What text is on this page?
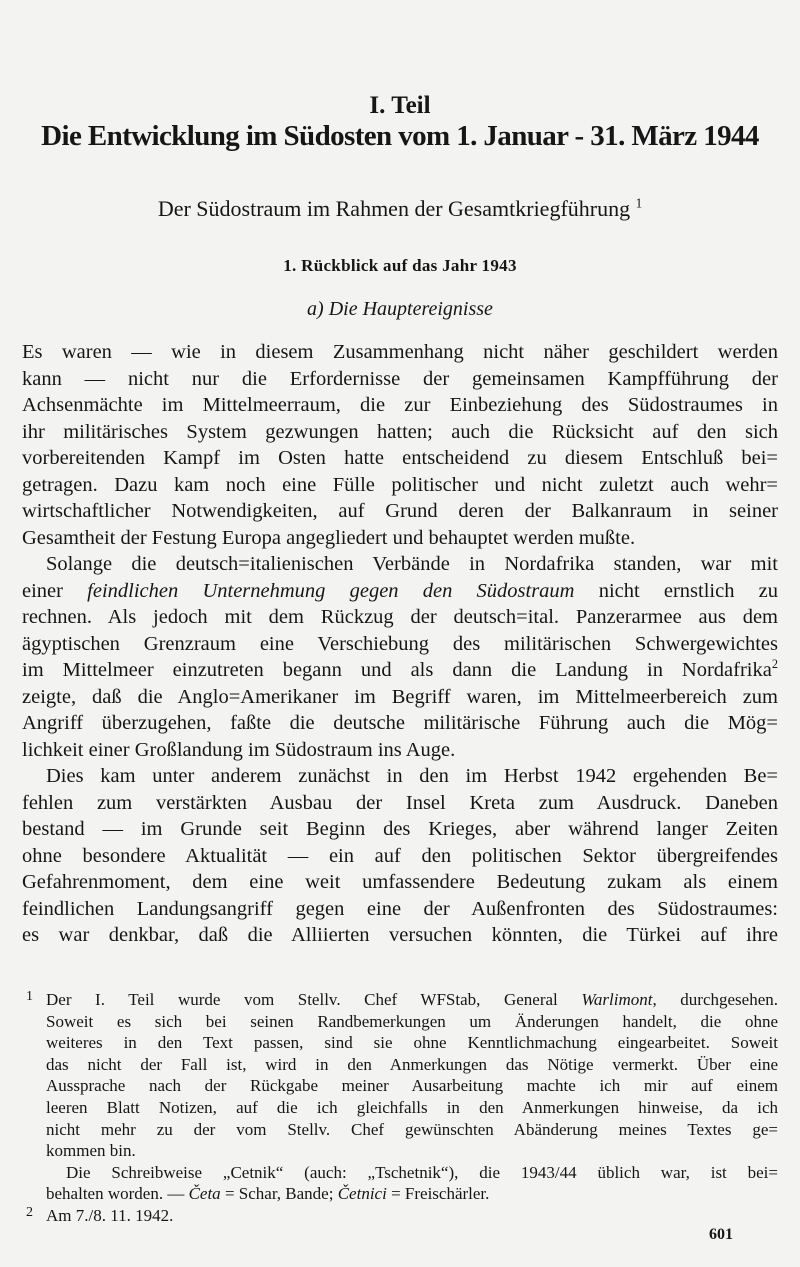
I. Teil
Die Entwicklung im Südosten vom 1. Januar - 31. März 1944
Der Südostraum im Rahmen der Gesamtkriegführung $^1$
1. Rückblick auf das Jahr 1943
a) Die Hauptereignisse
Es waren — wie in diesem Zusammenhang nicht näher geschildert werden
kann — nicht nur die Erfordernisse der gemeinsamen Kampfführung der
Achsenmächte im Mittelmeerraum, die zur Einbeziehung des Südostraumes in
ihr militärisches System gezwungen hatten; auch die Rücksicht auf den sich
vorbereitenden Kampf im Osten hatte entscheidend zu diesem Entschluß bei=
getragen. Dazu kam noch eine Fülle politischer und nicht zuletzt auch wehr=
wirtschaftlicher Notwendigkeiten, auf Grund deren der Balkanraum in seiner
Gesamtheit der Festung Europa angegliedert und behauptet werden mußte.
Solange die deutsch=italienischen Verbände in Nordafrika standen, war mit
einer feindlichen Unternehmung gegen den Südostraum nicht ernstlich zu
rechnen. Als jedoch mit dem Rückzug der deutsch=ital. Panzerarmee aus dem
ägyptischen Grenzraum eine Verschiebung des militärischen Schwergewichtes
im Mittelmeer einzutreten begann und als dann die Landung in Nordafrika$^2$
zeigte, daß die Anglo=Amerikaner im Begriff waren, im Mittelmeerbereich zum
Angriff überzugehen, faßte die deutsche militärische Führung auch die Mög=
lichkeit einer Großlandung im Südostraum ins Auge.
Dies kam unter anderem zunächst in den im Herbst 1942 ergehenden Be=
fehlen zum verstärkten Ausbau der Insel Kreta zum Ausdruck. Daneben
bestand — im Grunde seit Beginn des Krieges, aber während langer Zeiten
ohne besondere Aktualität — ein auf den politischen Sektor übergreifendes
Gefahrenmoment, dem eine weit umfassendere Bedeutung zukam als einem
feindlichen Landungsangriff gegen eine der Außenfronten des Südostraumes:
es war denkbar, daß die Alliierten versuchen könnten, die Türkei auf ihre
1 Der I. Teil wurde vom Stellv. Chef WFStab, General Warlimont, durchgesehen.
Soweit es sich bei seinen Randbemerkungen um Änderungen handelt, die ohne
weiteres in den Text passen, sind sie ohne Kenntlichmachung eingearbeitet. Soweit
das nicht der Fall ist, wird in den Anmerkungen das Nötige vermerkt. Über eine
Aussprache nach der Rückgabe meiner Ausarbeitung machte ich mir auf einem
leeren Blatt Notizen, auf die ich gleichfalls in den Anmerkungen hinweise, da ich
nicht mehr zu der vom Stellv. Chef gewünschten Abänderung meines Textes ge=
kommen bin.
Die Schreibweise „Cetnik“ (auch: „Tschetnik“), die 1943/44 üblich war, ist bei=
behalten worden. — Četa = Schar, Bande; Četnici = Freischärler.
2 Am 7./8. 11. 1942.
601
